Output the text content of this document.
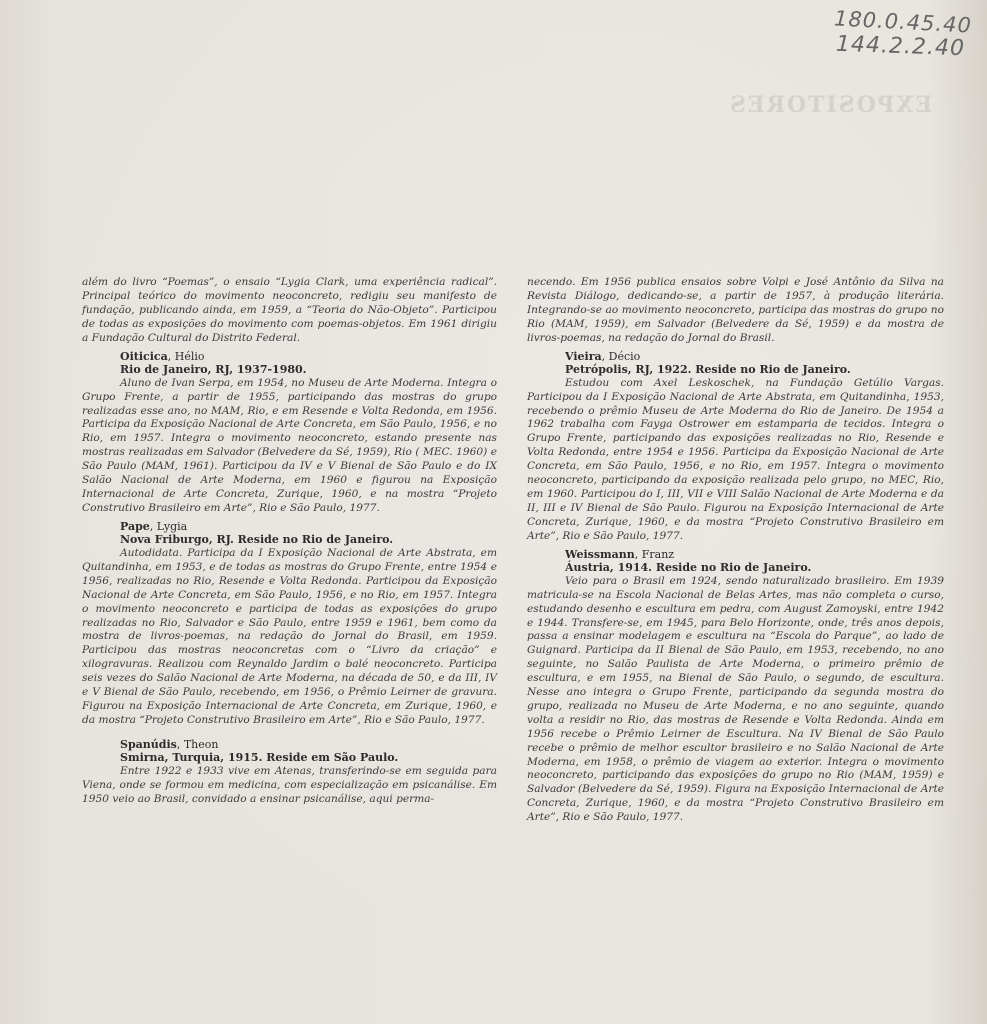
EXPOSITORES
180.0.45.40
144.2.2.40

além do livro “Poemas”, o ensaio “Lygia Clark, uma experiência radical”. Principal teórico do movimento neoconcreto, redigiu seu manifesto de fundação, publicando ainda, em 1959, a “Teoria do Não-Objeto”. Participou de todas as exposições do movimento com poemas-objetos. Em 1961 dirigiu a Fundação Cultural do Distrito Federal.

Oiticica, Hélio
Rio de Janeiro, RJ, 1937-1980.

Aluno de Ivan Serpa, em 1954, no Museu de Arte Moderna. Integra o Grupo Frente, a partir de 1955, participando das mostras do grupo realizadas esse ano, no MAM, Rio, e em Resende e Volta Redonda, em 1956. Participa da Exposição Nacional de Arte Concreta, em São Paulo, 1956, e no Rio, em 1957. Integra o movimento neoconcreto, estando presente nas mostras realizadas em Salvador (Belvedere da Sé, 1959), Rio ( MEC. 1960) e São Paulo (MAM, 1961). Participou da IV e V Bienal de São Paulo e do IX Salão Nacional de Arte Moderna, em 1960 e figurou na Exposição Internacional de Arte Concreta, Zurique, 1960, e na mostra “Projeto Construtivo Brasileiro em Arte”, Rio e São Paulo, 1977.

Pape, Lygia
Nova Friburgo, RJ. Reside no Rio de Janeiro.

Autodidata. Participa da I Exposição Nacional de Arte Abstrata, em Quitandinha, em 1953, e de todas as mostras do Grupo Frente, entre 1954 e 1956, realizadas no Rio, Resende e Volta Redonda. Participou da Exposição Nacional de Arte Concreta, em São Paulo, 1956, e no Rio, em 1957. Integra o movimento neoconcreto e participa de todas as exposições do grupo realizadas no Rio, Salvador e São Paulo, entre 1959 e 1961, bem como da mostra de livros-poemas, na redação do Jornal do Brasil, em 1959. Participou das mostras neoconcretas com o “Livro da criação” e xilogravuras. Realizou com Reynaldo Jardim o balé neoconcreto. Participa seis vezes do Salão Nacional de Arte Moderna, na década de 50, e da III, IV e V Bienal de São Paulo, recebendo, em 1956, o Prêmio Leirner de gravura. Figurou na Exposição Internacional de Arte Concreta, em Zurique, 1960, e da mostra “Projeto Construtivo Brasileiro em Arte”, Rio e São Paulo, 1977.

Spanúdis, Theon
Smirna, Turquia, 1915. Reside em São Paulo.

Entre 1922 e 1933 vive em Atenas, transferindo-se em seguida para Viena, onde se formou em medicina, com especialização em psicanálise. Em 1950 veio ao Brasil, convidado a ensinar psicanálise, aqui perma-

necendo. Em 1956 publica ensaios sobre Volpi e José Antônio da Silva na Revista Diálogo, dedicando-se, a partir de 1957, à produção literária. Integrando-se ao movimento neoconcreto, participa das mostras do grupo no Rio (MAM, 1959), em Salvador (Belvedere da Sé, 1959) e da mostra de livros-poemas, na redação do Jornal do Brasil.

Vieira, Décio
Petrópolis, RJ, 1922. Reside no Rio de Janeiro.

Estudou com Axel Leskoschek, na Fundação Getúlio Vargas. Participou da I Exposição Nacional de Arte Abstrata, em Quitandinha, 1953, recebendo o prêmio Museu de Arte Moderna do Rio de Janeiro. De 1954 a 1962 trabalha com Fayga Ostrower em estamparia de tecidos. Integra o Grupo Frente, participando das exposições realizadas no Rio, Resende e Volta Redonda, entre 1954 e 1956. Participa da Exposição Nacional de Arte Concreta, em São Paulo, 1956, e no Rio, em 1957. Integra o movimento neoconcreto, participando da exposição realizada pelo grupo, no MEC, Rio, em 1960. Participou do I, III, VII e VIII Salão Nacional de Arte Moderna e da II, III e IV Bienal de São Paulo. Figurou na Exposição Internacional de Arte Concreta, Zurique, 1960, e da mostra “Projeto Construtivo Brasileiro em Arte”, Rio e São Paulo, 1977.

Weissmann, Franz
Áustria, 1914. Reside no Rio de Janeiro.

Veio para o Brasil em 1924, sendo naturalizado brasileiro. Em 1939 matricula-se na Escola Nacional de Belas Artes, mas não completa o curso, estudando desenho e escultura em pedra, com August Zamoyski, entre 1942 e 1944. Transfere-se, em 1945, para Belo Horizonte, onde, três anos depois, passa a ensinar modelagem e escultura na “Escola do Parque”, ao lado de Guignard. Participa da II Bienal de São Paulo, em 1953, recebendo, no ano seguinte, no Salão Paulista de Arte Moderna, o primeiro prêmio de escultura, e em 1955, na Bienal de São Paulo, o segundo, de escultura. Nesse ano integra o Grupo Frente, participando da segunda mostra do grupo, realizada no Museu de Arte Moderna, e no ano seguinte, quando volta a residir no Rio, das mostras de Resende e Volta Redonda. Ainda em 1956 recebe o Prêmio Leirner de Escultura. Na IV Bienal de São Paulo recebe o prêmio de melhor escultor brasileiro e no Salão Nacional de Arte Moderna, em 1958, o prêmio de viagem ao exterior. Integra o movimento neoconcreto, participando das exposições do grupo no Rio (MAM, 1959) e Salvador (Belvedere da Sé, 1959). Figura na Exposição Internacional de Arte Concreta, Zurique, 1960, e da mostra “Projeto Construtivo Brasileiro em Arte”, Rio e São Paulo, 1977.
